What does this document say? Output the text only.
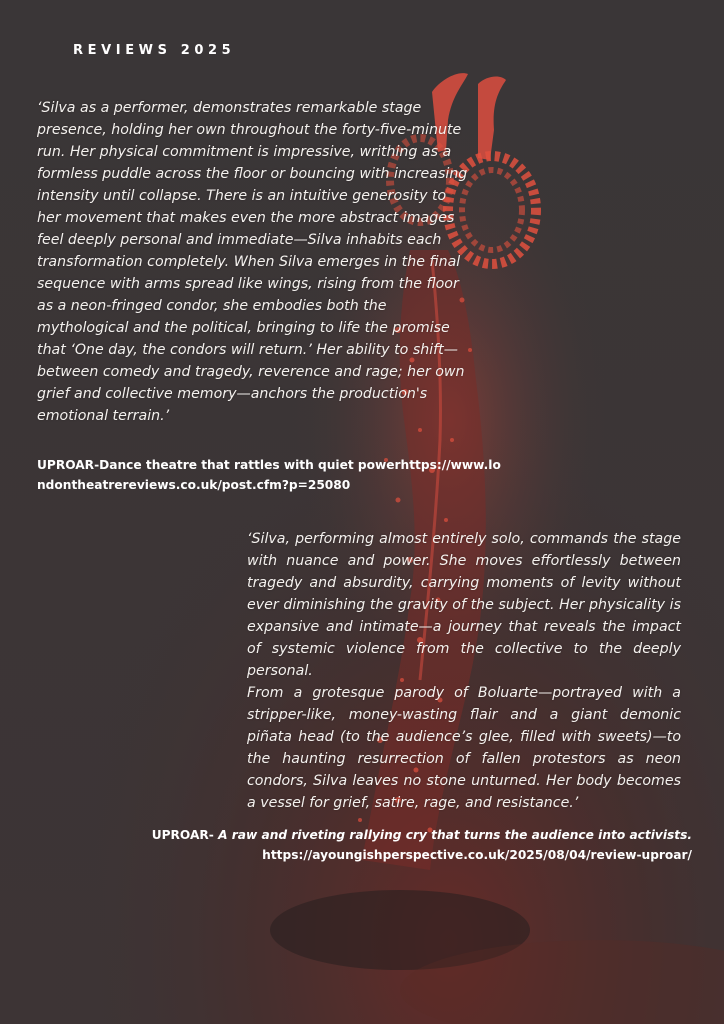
REVIEWS 2025
‘Silva as a performer, demonstrates remarkable stage presence, holding her own throughout the forty-five-minute run. Her physical commitment is impressive, writhing as a formless puddle across the floor or bouncing with increasing intensity until collapse. There is an intuitive generosity to her movement that makes even the more abstract images feel deeply personal and immediate—Silva inhabits each transformation completely. When Silva emerges in the final sequence with arms spread like wings, rising from the floor as a neon-fringed condor, she embodies both the mythological and the political, bringing to life the promise that ‘One day, the condors will return.’ Her ability to shift—between comedy and tragedy, reverence and rage; her own grief and collective memory—anchors the production's emotional terrain.’
UPROAR-Dance theatre that rattles with quiet powerhttps://www.londontheatrereviews.co.uk/post.cfm?p=25080

‘Silva, performing almost entirely solo, commands the stage with nuance and power. She moves effortlessly between tragedy and absurdity, carrying moments of levity without ever diminishing the gravity of the subject. Her physicality is expansive and intimate—a journey that reveals the impact of systemic violence from the collective to the deeply personal.

From a grotesque parody of Boluarte—portrayed with a stripper-like, money-wasting flair and a giant demonic piñata head (to the audience’s glee, filled with sweets)—to the haunting resurrection of fallen protestors as neon condors, Silva leaves no stone unturned. Her body becomes a vessel for grief, satire, rage, and resistance.’

UPROAR- A raw and riveting rallying cry that turns the audience into activists.
https://ayoungishperspective.co.uk/2025/08/04/review-uproar/
